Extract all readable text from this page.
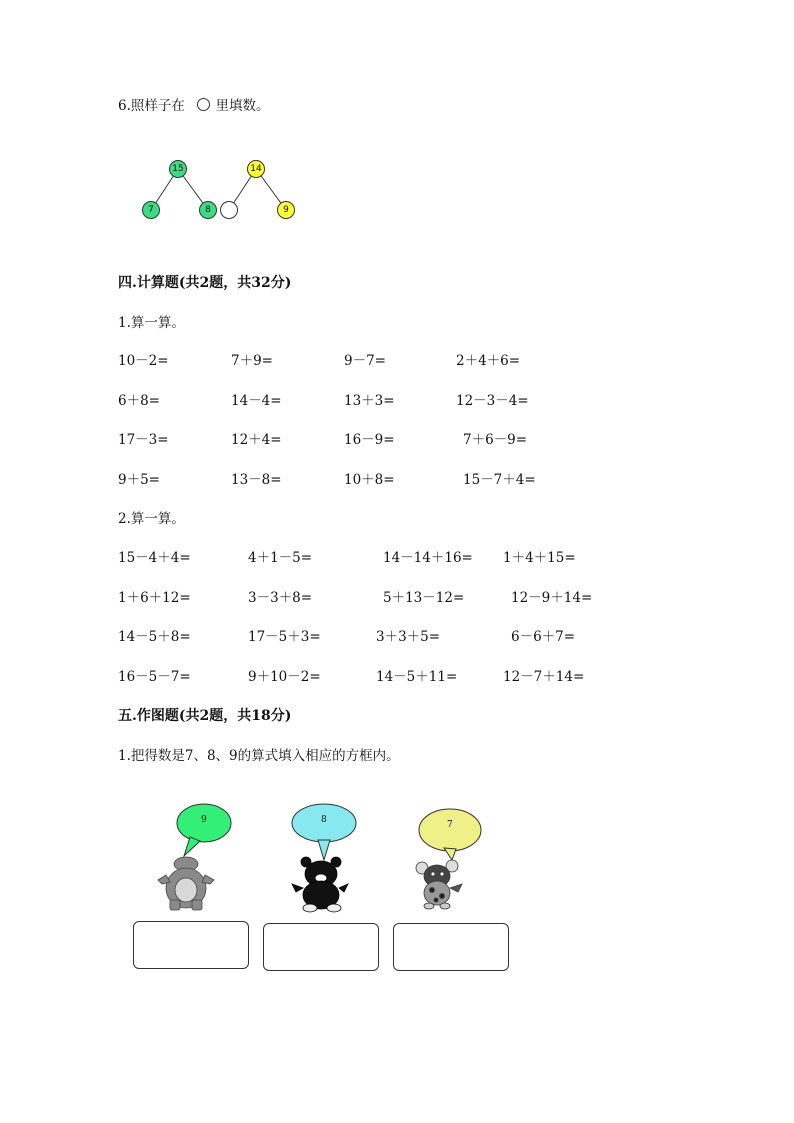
6.照样子在 里填数。
15
7	8
14
9
四.计算题(共2题，共32分)
1.算一算。
10－2=	7＋9=	9－7=	2＋4＋6=
6＋8=	14－4=	13＋3=	12－3－4=
17－3=	12＋4=	16－9=	7＋6－9=
9＋5=	13－8=	10＋8=	15－7＋4=
2.算一算。
15－4＋4=	4＋1－5=	14－14＋16= 1＋4＋15=
1＋6＋12=	3－3＋8=	5＋13－12=	12－9＋14=
14－5＋8=	17－5＋3=	3＋3＋5=	6－6＋7=
16－5－7=	9＋10－2=	14－5＋11=	12－7＋14=
五.作图题(共2题，共18分)
1.把得数是7、8、9的算式填入相应的方框内。
9	8	7
